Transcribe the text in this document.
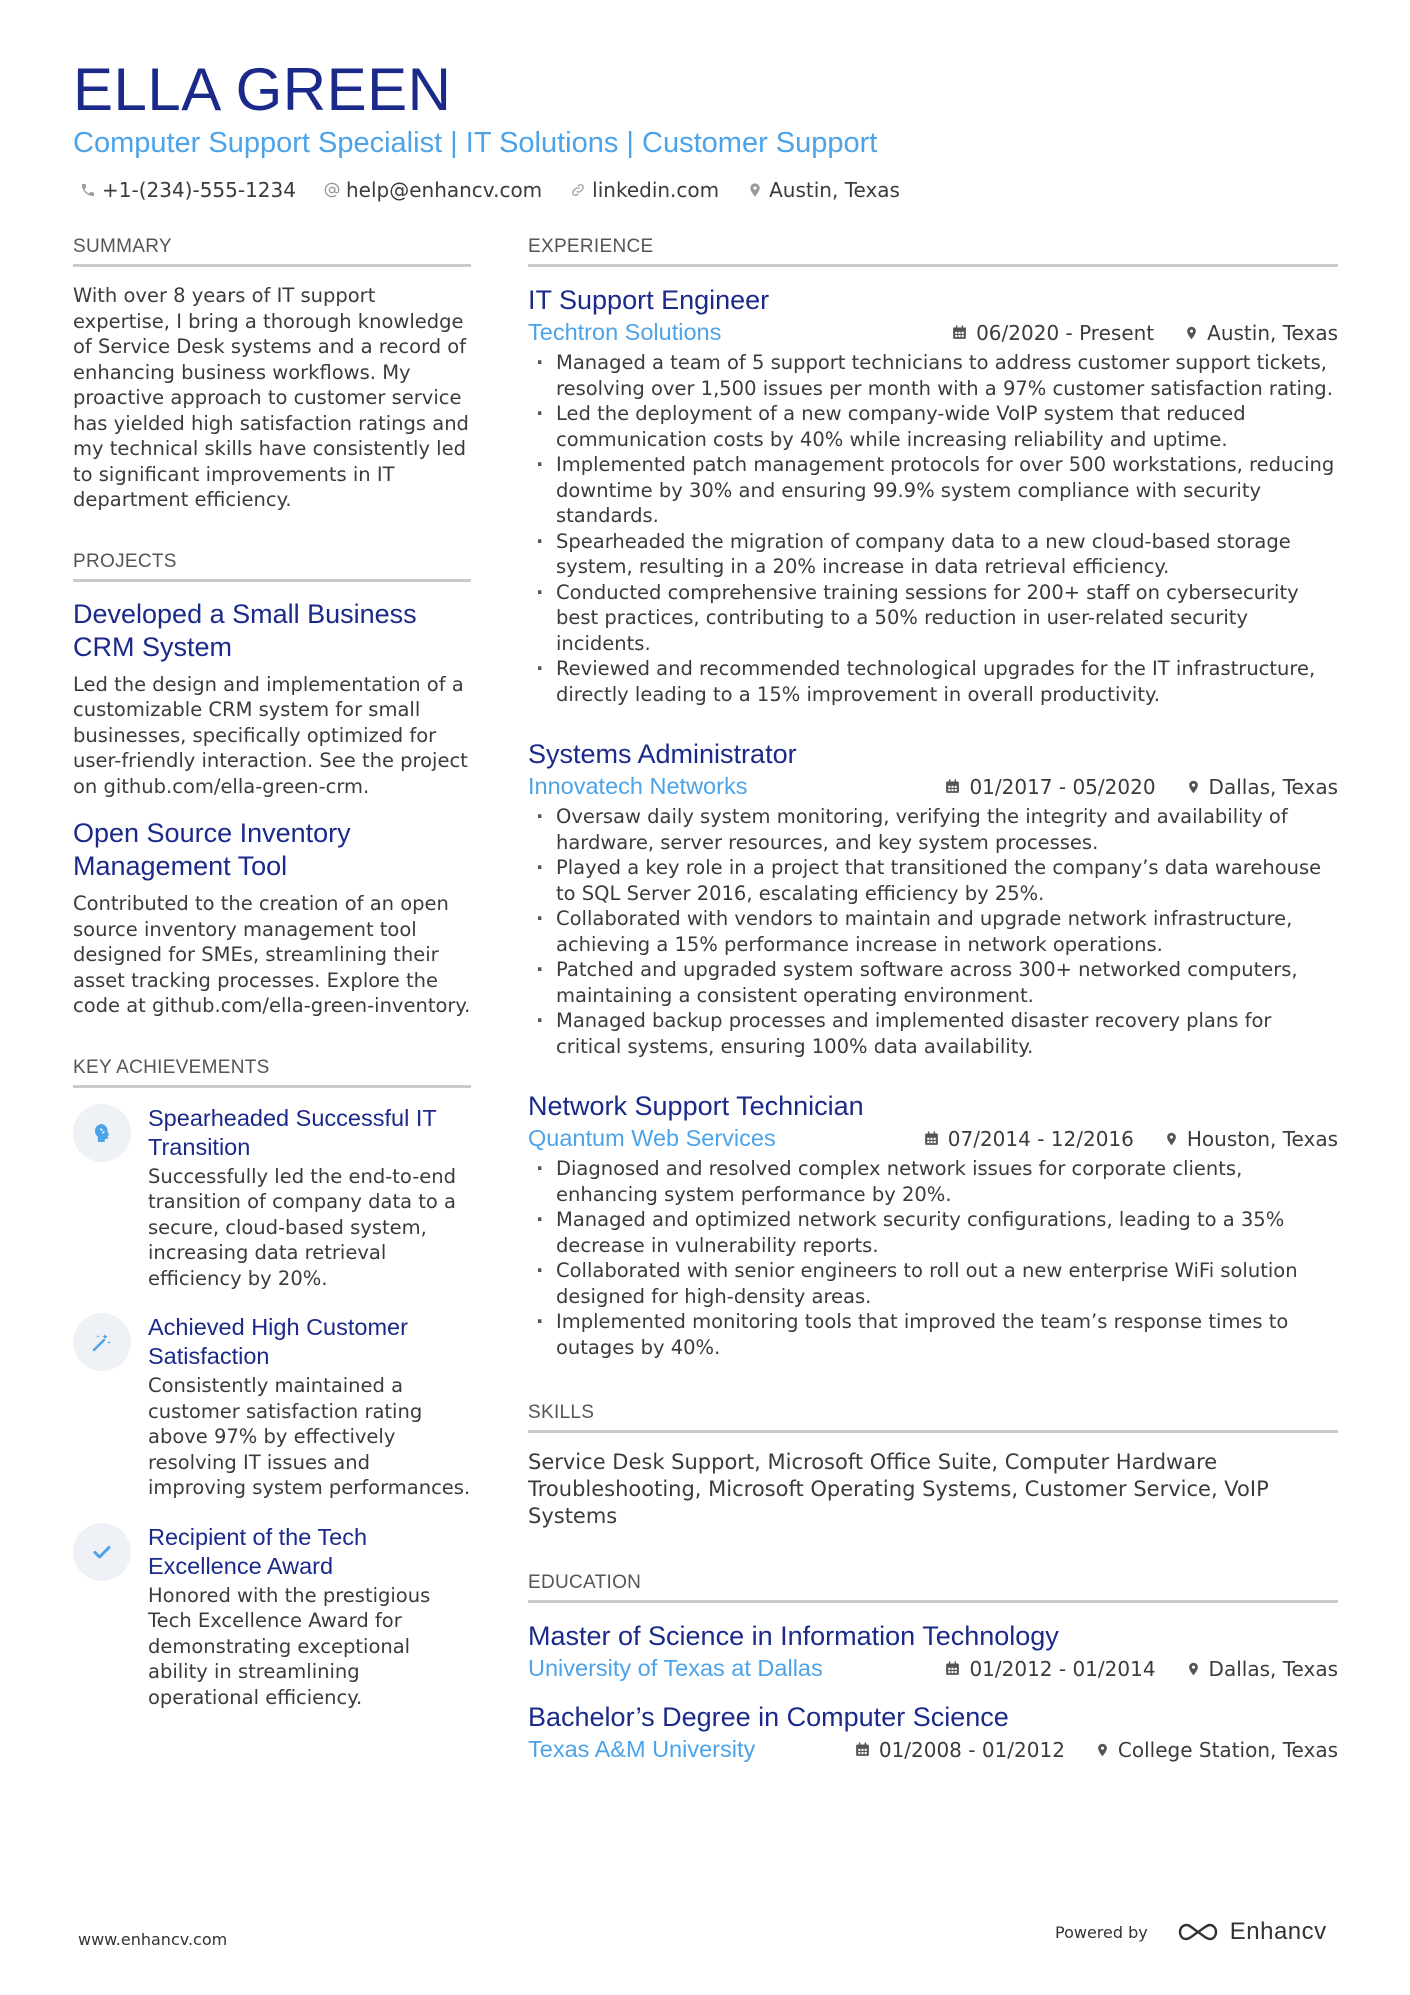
ELLA GREEN
Computer Support Specialist | IT Solutions | Customer Support
+1-(234)-555-1234	help@enhancv.com	linkedin.com	Austin, Texas
SUMMARY
With over 8 years of IT support expertise, I bring a thorough knowledge of Service Desk systems and a record of enhancing business workflows. My proactive approach to customer service has yielded high satisfaction ratings and my technical skills have consistently led to significant improvements in IT department efficiency.
PROJECTS
Developed a Small Business CRM System
Led the design and implementation of a customizable CRM system for small businesses, specifically optimized for user-friendly interaction. See the project on github.com/ella-green-crm.
Open Source Inventory Management Tool
Contributed to the creation of an open source inventory management tool designed for SMEs, streamlining their asset tracking processes. Explore the code at github.com/ella-green-inventory.
KEY ACHIEVEMENTS
Spearheaded Successful IT Transition
Successfully led the end-to-end transition of company data to a secure, cloud-based system, increasing data retrieval efficiency by 20%.
Achieved High Customer Satisfaction
Consistently maintained a customer satisfaction rating above 97% by effectively resolving IT issues and improving system performances.
Recipient of the Tech Excellence Award
Honored with the prestigious Tech Excellence Award for demonstrating exceptional ability in streamlining operational efficiency.
EXPERIENCE
IT Support Engineer
Techtron Solutions	06/2020 - Present	Austin, Texas
· Managed a team of 5 support technicians to address customer support tickets, resolving over 1,500 issues per month with a 97% customer satisfaction rating.
· Led the deployment of a new company-wide VoIP system that reduced communication costs by 40% while increasing reliability and uptime.
· Implemented patch management protocols for over 500 workstations, reducing downtime by 30% and ensuring 99.9% system compliance with security standards.
· Spearheaded the migration of company data to a new cloud-based storage system, resulting in a 20% increase in data retrieval efficiency.
· Conducted comprehensive training sessions for 200+ staff on cybersecurity best practices, contributing to a 50% reduction in user-related security incidents.
· Reviewed and recommended technological upgrades for the IT infrastructure, directly leading to a 15% improvement in overall productivity.
Systems Administrator
Innovatech Networks	01/2017 - 05/2020	Dallas, Texas
· Oversaw daily system monitoring, verifying the integrity and availability of hardware, server resources, and key system processes.
· Played a key role in a project that transitioned the company’s data warehouse to SQL Server 2016, escalating efficiency by 25%.
· Collaborated with vendors to maintain and upgrade network infrastructure, achieving a 15% performance increase in network operations.
· Patched and upgraded system software across 300+ networked computers, maintaining a consistent operating environment.
· Managed backup processes and implemented disaster recovery plans for critical systems, ensuring 100% data availability.
Network Support Technician
Quantum Web Services	07/2014 - 12/2016	Houston, Texas
· Diagnosed and resolved complex network issues for corporate clients, enhancing system performance by 20%.
· Managed and optimized network security configurations, leading to a 35% decrease in vulnerability reports.
· Collaborated with senior engineers to roll out a new enterprise WiFi solution designed for high-density areas.
· Implemented monitoring tools that improved the team’s response times to outages by 40%.
SKILLS
Service Desk Support, Microsoft Office Suite, Computer Hardware Troubleshooting, Microsoft Operating Systems, Customer Service, VoIP Systems
EDUCATION
Master of Science in Information Technology
University of Texas at Dallas	01/2012 - 01/2014	Dallas, Texas
Bachelor’s Degree in Computer Science
Texas A&M University	01/2008 - 01/2012	College Station, Texas
www.enhancv.com	Powered by	Enhancv
